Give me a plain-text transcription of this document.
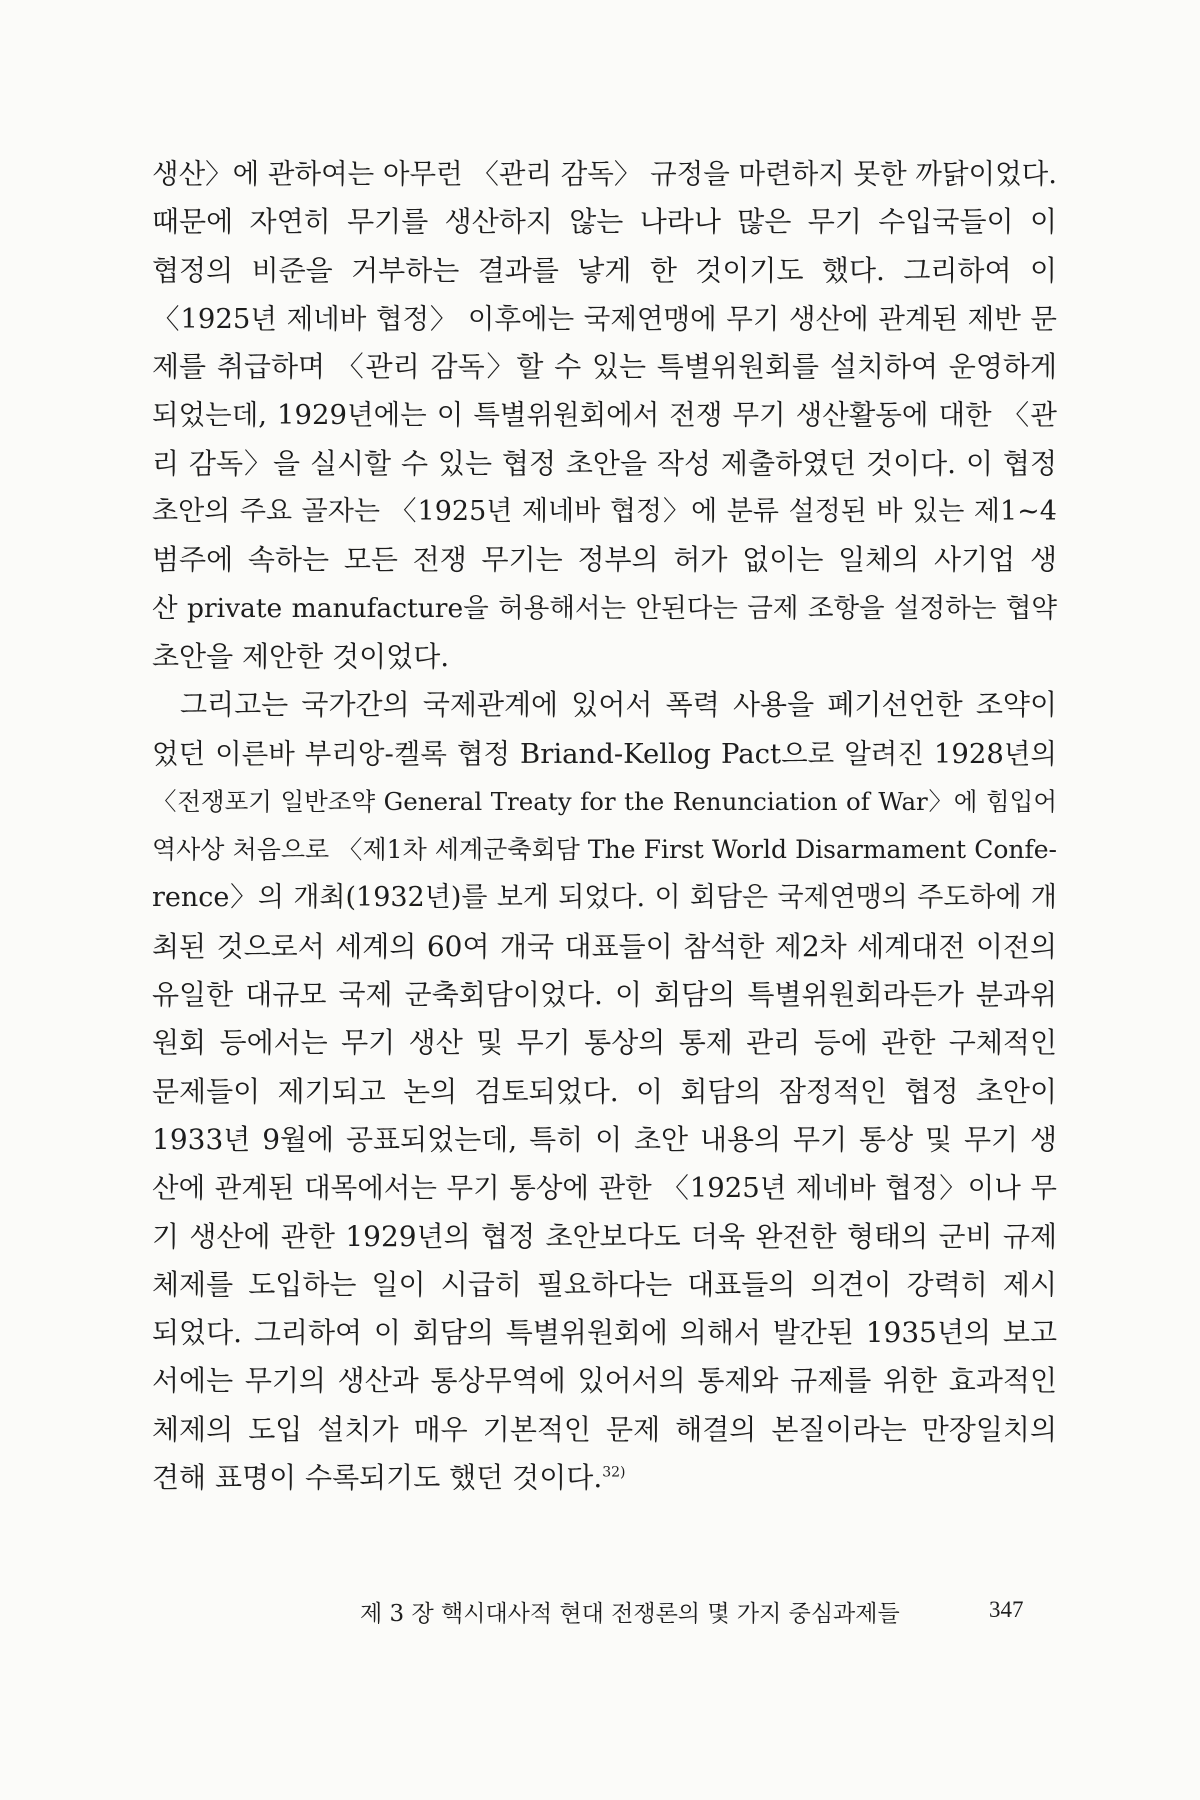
생산〉에 관하여는 아무런 〈관리 감독〉 규정을 마련하지 못한 까닭이었다.
때문에 자연히 무기를 생산하지 않는 나라나 많은 무기 수입국들이 이
협정의 비준을 거부하는 결과를 낳게 한 것이기도 했다. 그리하여 이
〈1925년 제네바 협정〉 이후에는 국제연맹에 무기 생산에 관계된 제반 문
제를 취급하며 〈관리 감독〉할 수 있는 특별위원회를 설치하여 운영하게
되었는데, 1929년에는 이 특별위원회에서 전쟁 무기 생산활동에 대한 〈관
리 감독〉을 실시할 수 있는 협정 초안을 작성 제출하였던 것이다. 이 협정
초안의 주요 골자는 〈1925년 제네바 협정〉에 분류 설정된 바 있는 제1~4
범주에 속하는 모든 전쟁 무기는 정부의 허가 없이는 일체의 사기업 생
산 private manufacture을 허용해서는 안된다는 금제 조항을 설정하는 협약
초안을 제안한 것이었다.
그리고는 국가간의 국제관계에 있어서 폭력 사용을 폐기선언한 조약이
었던 이른바 부리앙-켈록 협정 Briand-Kellog Pact으로 알려진 1928년의
〈전쟁포기 일반조약 General Treaty for the Renunciation of War〉에 힘입어
역사상 처음으로 〈제1차 세계군축회담 The First World Disarmament Confe-
rence〉의 개최(1932년)를 보게 되었다. 이 회담은 국제연맹의 주도하에 개
최된 것으로서 세계의 60여 개국 대표들이 참석한 제2차 세계대전 이전의
유일한 대규모 국제 군축회담이었다. 이 회담의 특별위원회라든가 분과위
원회 등에서는 무기 생산 및 무기 통상의 통제 관리 등에 관한 구체적인
문제들이 제기되고 논의 검토되었다. 이 회담의 잠정적인 협정 초안이
1933년 9월에 공표되었는데, 특히 이 초안 내용의 무기 통상 및 무기 생
산에 관계된 대목에서는 무기 통상에 관한 〈1925년 제네바 협정〉이나 무
기 생산에 관한 1929년의 협정 초안보다도 더욱 완전한 형태의 군비 규제
체제를 도입하는 일이 시급히 필요하다는 대표들의 의견이 강력히 제시
되었다. 그리하여 이 회담의 특별위원회에 의해서 발간된 1935년의 보고
서에는 무기의 생산과 통상무역에 있어서의 통제와 규제를 위한 효과적인
체제의 도입 설치가 매우 기본적인 문제 해결의 본질이라는 만장일치의
견해 표명이 수록되기도 했던 것이다.$^{32)}$
제 3 장 핵시대사적 현대 전쟁론의 몇 가지 중심과제들	347
